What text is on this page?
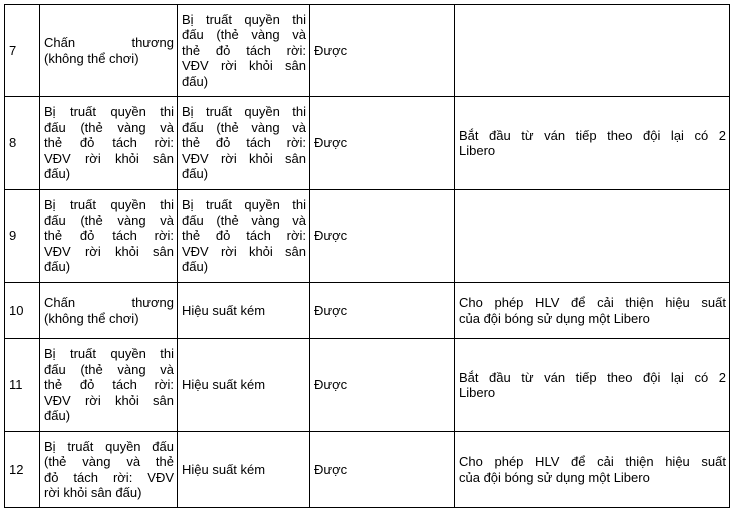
7	Chấn thương
(không thể chơi)	Bị truất quyền thi
đấu (thẻ vàng và
thẻ đỏ tách rời:
VĐV rời khỏi sân
đấu)	Được	
8	Bị truất quyền thi
đấu (thẻ vàng và
thẻ đỏ tách rời:
VĐV rời khỏi sân
đấu)	Bị truất quyền thi
đấu (thẻ vàng và
thẻ đỏ tách rời:
VĐV rời khỏi sân
đấu)	Được	Bắt đầu từ ván tiếp theo đội lại có 2
Libero

9	Bị truất quyền thi
đấu (thẻ vàng và
thẻ đỏ tách rời:
VĐV rời khỏi sân
đấu)	Bị truất quyền thi
đấu (thẻ vàng và
thẻ đỏ tách rời:
VĐV rời khỏi sân
đấu)	Được	
10	Chấn thương
(không thể chơi)	Hiệu suất kém	Được	Cho phép HLV để cải thiện hiệu suất
của đội bóng sử dụng một Libero

11	Bị truất quyền thi
đấu (thẻ vàng và
thẻ đỏ tách rời:
VĐV rời khỏi sân
đấu)	Hiệu suất kém	Được	Bắt đầu từ ván tiếp theo đội lại có 2
Libero

12	Bị truất quyền đấu
(thẻ vàng và thẻ
đỏ tách rời: VĐV
rời khỏi sân đấu)	Hiệu suất kém	Được	Cho phép HLV để cải thiện hiệu suất
của đội bóng sử dụng một Libero
